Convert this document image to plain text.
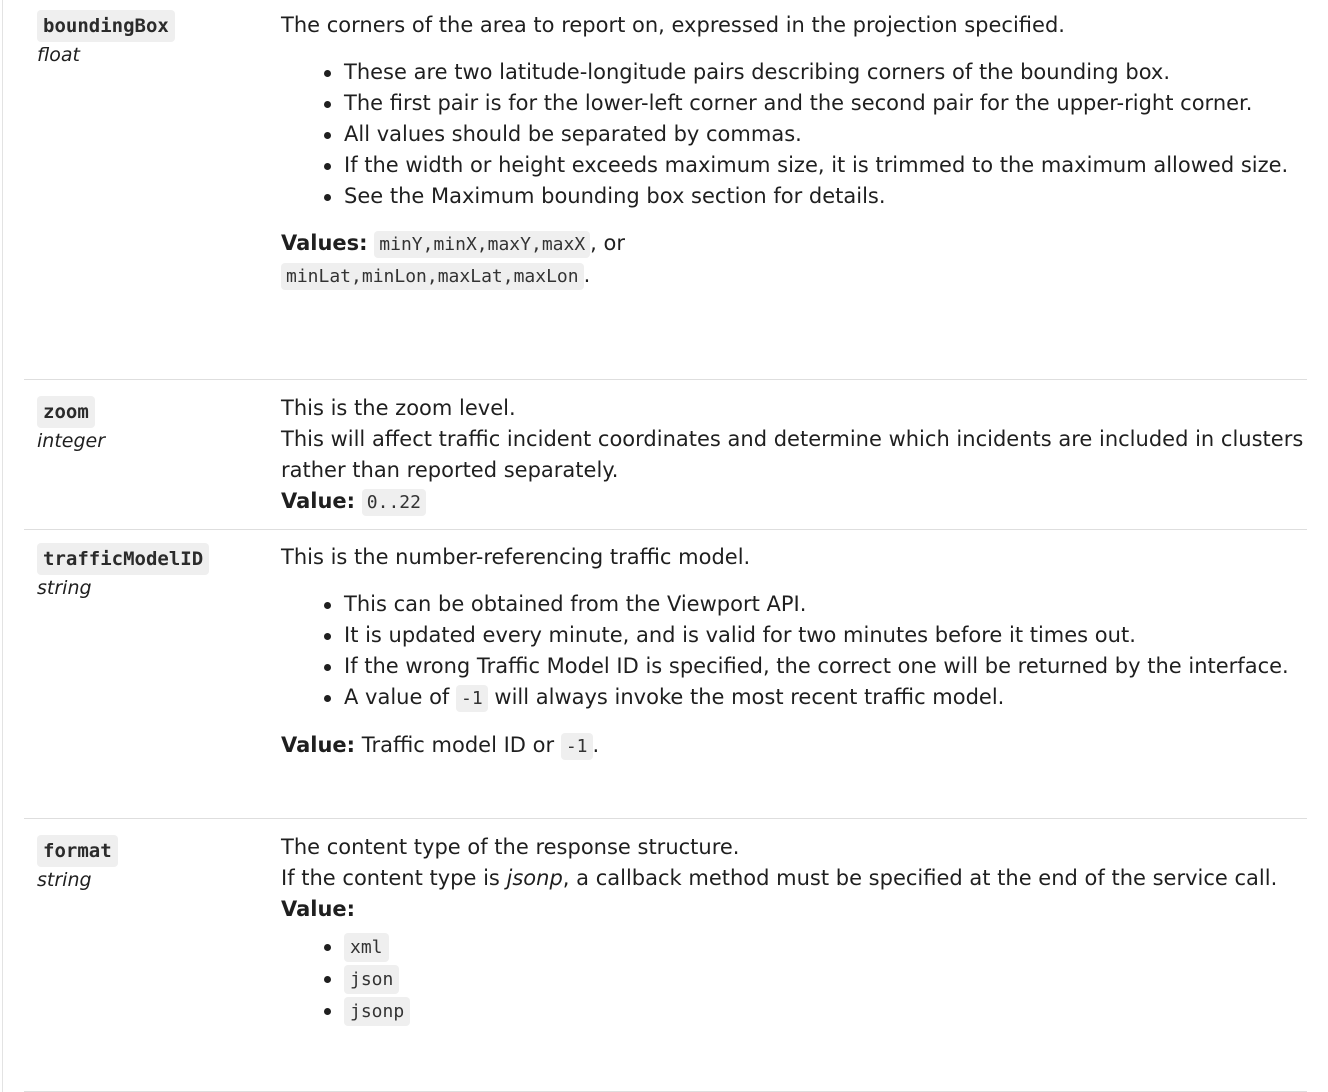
boundingBox
float

The corners of the area to report on, expressed in the projection specified.

These are two latitude-longitude pairs describing corners of the bounding box.
The first pair is for the lower-left corner and the second pair for the upper-right corner.
All values should be separated by commas.
If the width or height exceeds maximum size, it is trimmed to the maximum allowed size.
See the Maximum bounding box section for details.

Values: minY,minX,maxY,maxX , or
minLat,minLon,maxLat,maxLon .

zoom
integer

This is the zoom level.

This will affect traffic incident coordinates and determine which incidents are included in clusters rather than reported separately.

Value: 0..22

trafficModelID
string

This is the number-referencing traffic model.

This can be obtained from the Viewport API.
It is updated every minute, and is valid for two minutes before it times out.
If the wrong Traffic Model ID is specified, the correct one will be returned by the interface.
A value of -1 will always invoke the most recent traffic model.

Value: Traffic model ID or -1 .

format
string

The content type of the response structure.

If the content type is jsonp, a callback method must be specified at the end of the service call.

Value:

xml
json
jsonp
